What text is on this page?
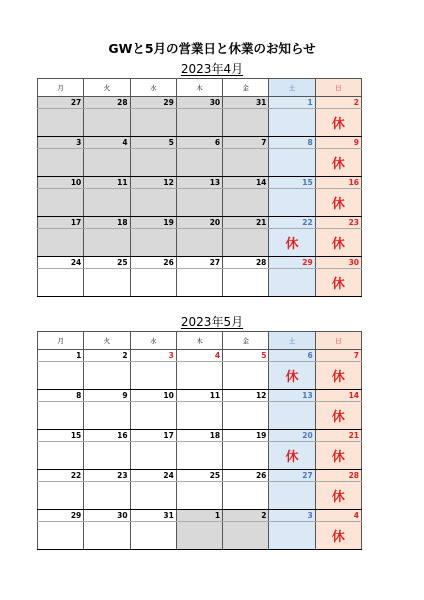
GWと5月の営業日と休業のお知らせ
2023年4月
月	火	水	木	金	土	日
27	28	29	30	31	1	2
						休
3	4	5	6	7	8	9
						休
10	11	12	13	14	15	16
						休
17	18	19	20	21	22	23
					休	休
24	25	26	27	28	29	30
						休
2023年5月
月	火	水	木	金	土	日
1	2	3	4	5	6	7
					休	休
8	9	10	11	12	13	14
						休
15	16	17	18	19	20	21
					休	休
22	23	24	25	26	27	28
						休
29	30	31	1	2	3	4
						休
